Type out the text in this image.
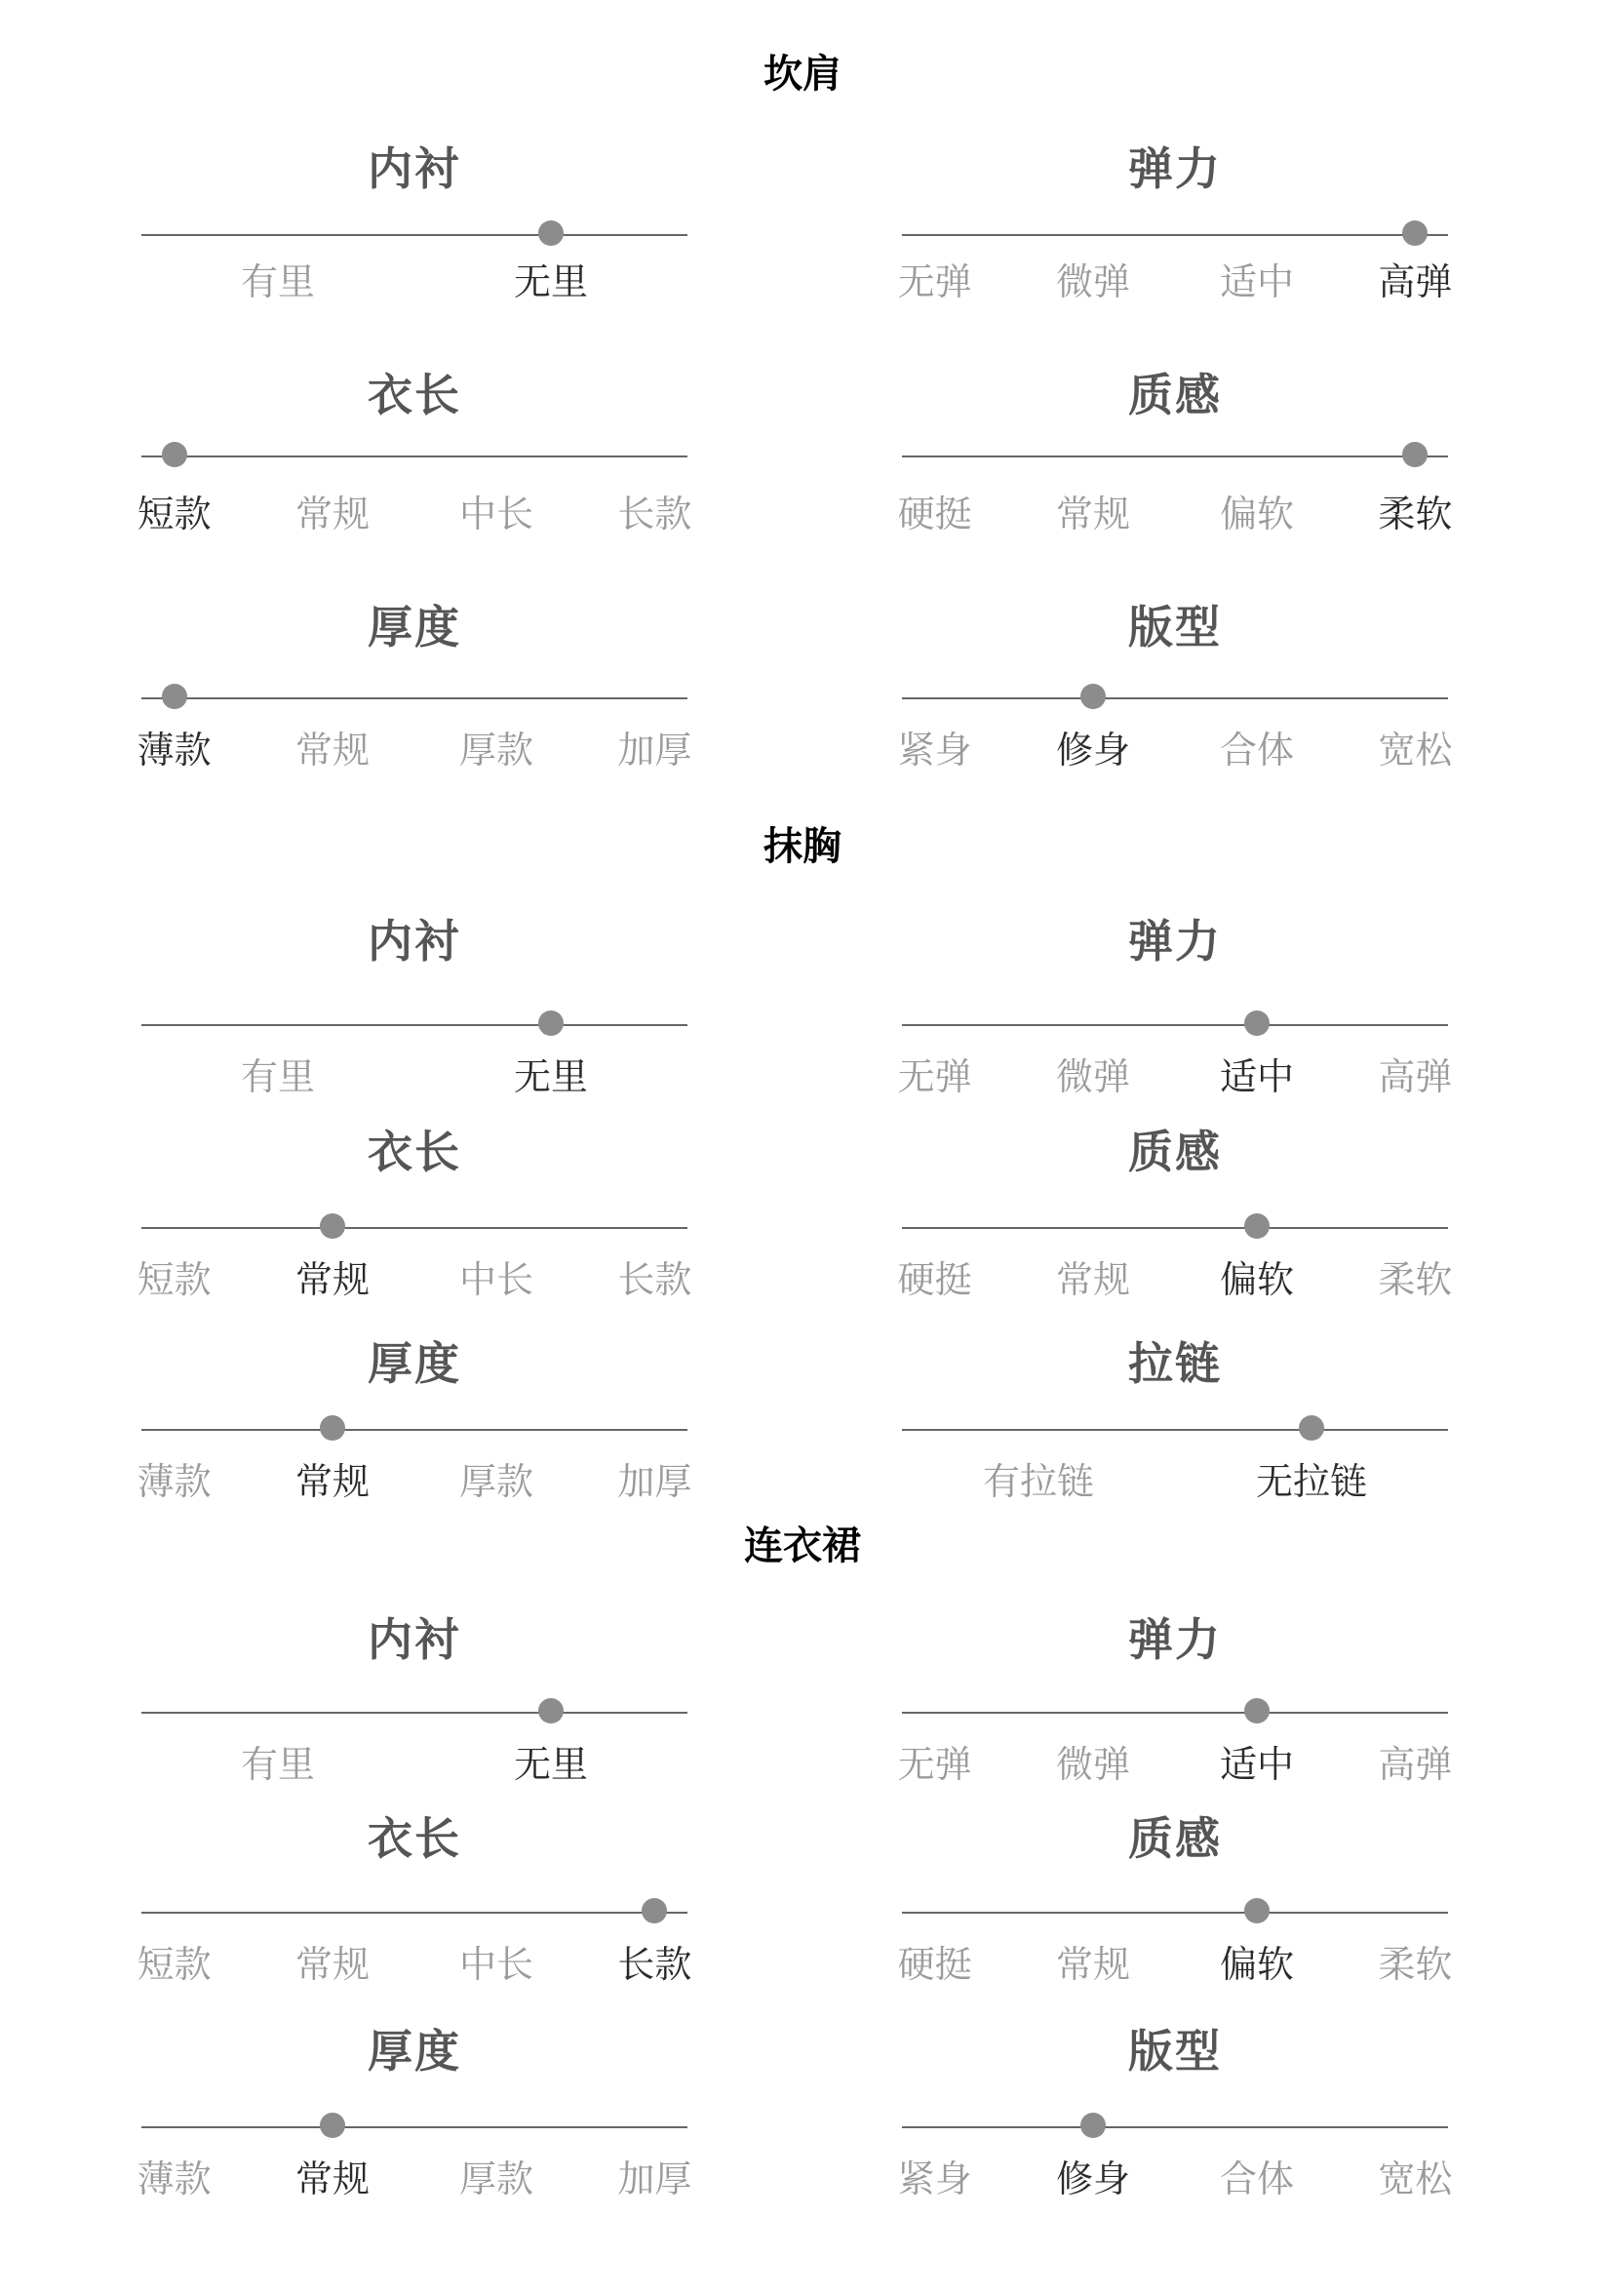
坎肩
内衬
有里	无里
弹力
无弹	微弹	适中	高弹
衣长
短款	常规	中长	长款
质感
硬挺	常规	偏软	柔软
厚度
薄款	常规	厚款	加厚
版型
紧身	修身	合体	宽松
抹胸
内衬
有里	无里
弹力
无弹	微弹	适中	高弹
衣长
短款	常规	中长	长款
质感
硬挺	常规	偏软	柔软
厚度
薄款	常规	厚款	加厚
拉链
有拉链	无拉链
连衣裙
内衬
有里	无里
弹力
无弹	微弹	适中	高弹
衣长
短款	常规	中长	长款
质感
硬挺	常规	偏软	柔软
厚度
薄款	常规	厚款	加厚
版型
紧身	修身	合体	宽松
